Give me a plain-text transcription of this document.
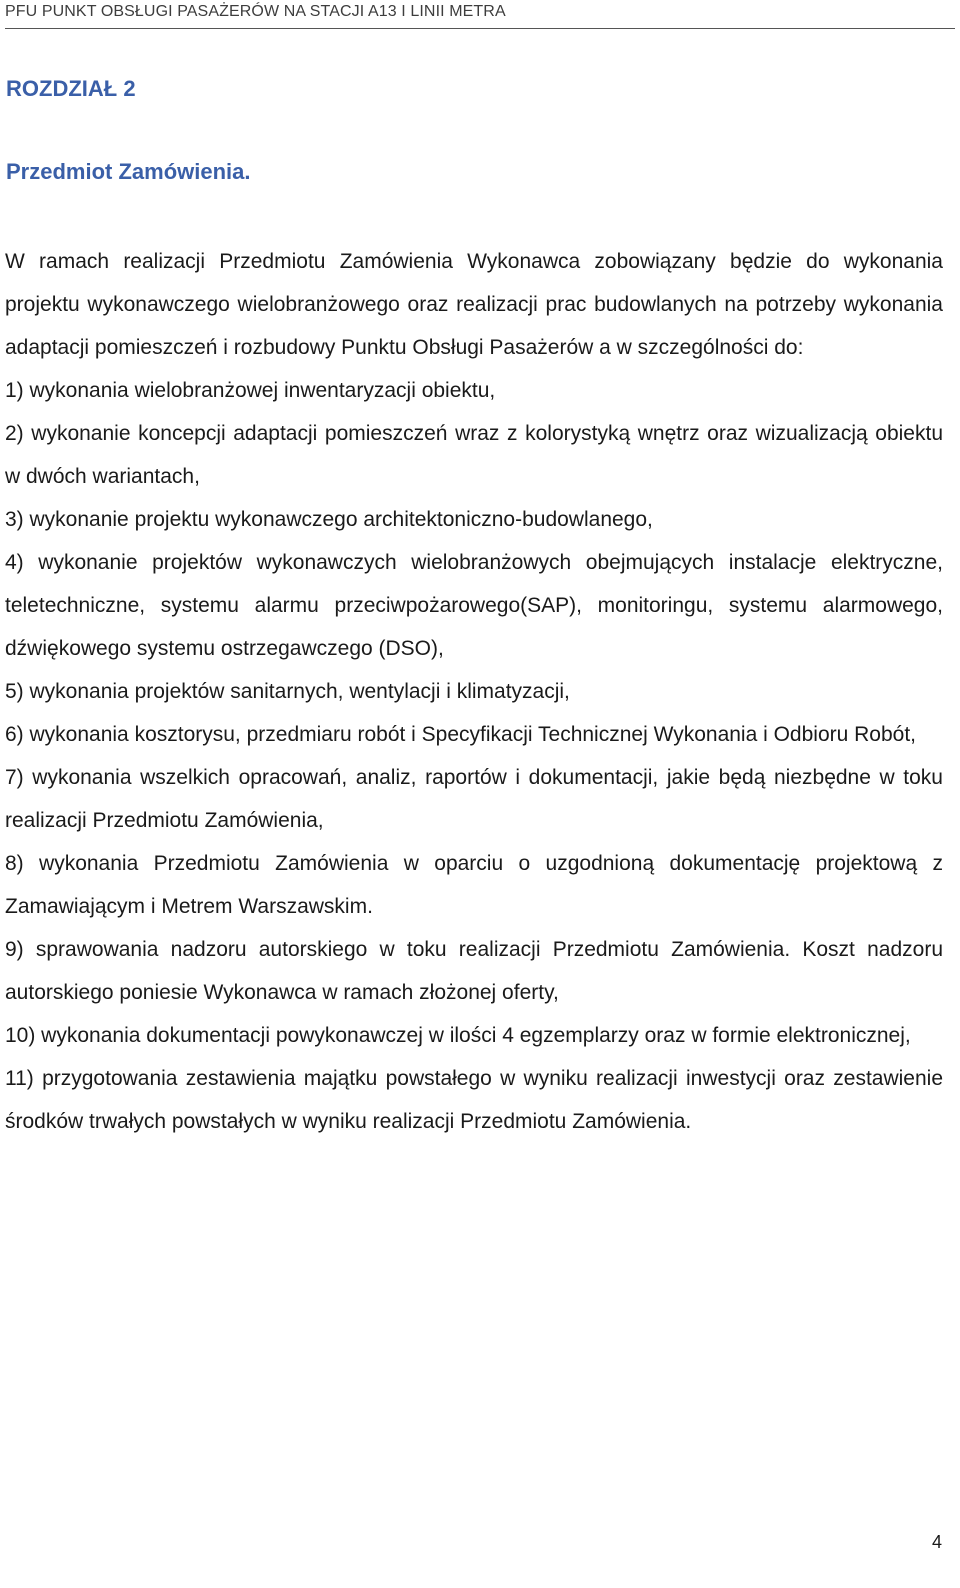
PFU PUNKT OBSŁUGI PASAŻERÓW NA STACJI A13 I LINII METRA
ROZDZIAŁ 2
Przedmiot Zamówienia.

W ramach realizacji Przedmiotu Zamówienia Wykonawca zobowiązany będzie do wykonania projektu wykonawczego wielobranżowego oraz realizacji prac budowlanych na potrzeby wykonania adaptacji pomieszczeń i rozbudowy Punktu Obsługi Pasażerów a w szczególności do:

1) wykonania wielobranżowej inwentaryzacji obiektu,

2) wykonanie koncepcji adaptacji pomieszczeń wraz z kolorystyką wnętrz oraz wizualizacją obiektu w dwóch wariantach,

3) wykonanie projektu wykonawczego architektoniczno-budowlanego,

4) wykonanie projektów wykonawczych wielobranżowych obejmujących instalacje elektryczne, teletechniczne, systemu alarmu przeciwpożarowego(SAP), monitoringu, systemu alarmowego, dźwiękowego systemu ostrzegawczego (DSO),

5) wykonania projektów sanitarnych, wentylacji i klimatyzacji,

6) wykonania kosztorysu, przedmiaru robót i Specyfikacji Technicznej Wykonania i Odbioru Robót,

7) wykonania wszelkich opracowań, analiz, raportów i dokumentacji, jakie będą niezbędne w toku realizacji Przedmiotu Zamówienia,

8) wykonania Przedmiotu Zamówienia w oparciu o uzgodnioną dokumentację projektową z Zamawiającym i Metrem Warszawskim.

9) sprawowania nadzoru autorskiego w toku realizacji Przedmiotu Zamówienia. Koszt nadzoru autorskiego poniesie Wykonawca w ramach złożonej oferty,

10) wykonania dokumentacji powykonawczej w ilości 4 egzemplarzy oraz w formie elektronicznej,

11) przygotowania zestawienia majątku powstałego w wyniku realizacji inwestycji oraz zestawienie środków trwałych powstałych w wyniku realizacji Przedmiotu Zamówienia.

4
